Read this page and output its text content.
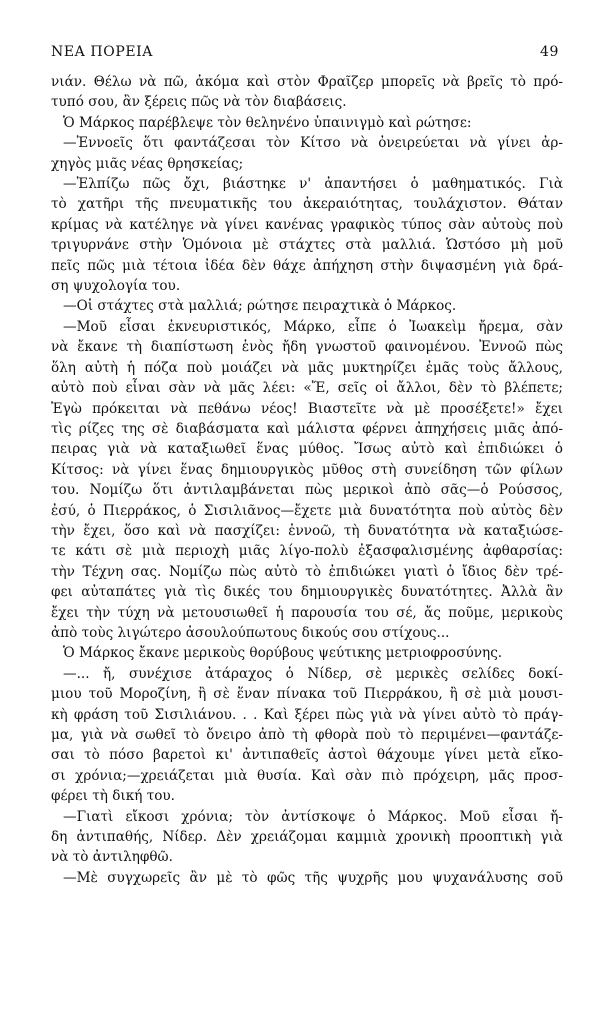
ΝΕΑ ΠΟΡΕΙΑ	49
νιάν. Θέλω νὰ πῶ, ἀκόμα καὶ στὸν Φραῖζερ μπορεῖς νὰ βρεῖς τὸ πρό-
τυπό σου, ἂν ξέρεις πῶς νὰ τὸν διαβάσεις.
Ὁ Μάρκος παρέβλεψε τὸν θεληνένο ὑπαινιγμὸ καὶ ρώτησε:
—Ἐννοεῖς ὅτι φαντάζεσαι τὸν Κίτσο νὰ ὀνειρεύεται νὰ γίνει ἀρ-
χηγὸς μιᾶς νέας θρησκείας;
—Ἐλπίζω πῶς ὄχι, βιάστηκε ν' ἀπαντήσει ὁ μαθηματικός. Γιὰ
τὸ χατῆρι τῆς πνευματικῆς του ἀκεραιότητας, τουλάχιστον. Θάταν
κρίμας νὰ κατέληγε νὰ γίνει κανένας γραφικὸς τύπος σὰν αὐτοὺς ποὺ
τριγυρνάνε στὴν Ὁμόνοια μὲ στάχτες στὰ μαλλιά. Ὡστόσο μὴ μοῦ
πεῖς πῶς μιὰ τέτοια ἰδέα δὲν θάχε ἀπήχηση στὴν διψασμένη γιὰ δρά-
ση ψυχολογία του.
—Οἱ στάχτες στὰ μαλλιά; ρώτησε πειραχτικὰ ὁ Μάρκος.
—Μοῦ εἶσαι ἐκνευριστικός, Μάρκο, εἶπε ὁ Ἰωακεὶμ ἤρεμα, σὰν
νὰ ἔκανε τὴ διαπίστωση ἑνὸς ἤδη γνωστοῦ φαινομένου. Ἐννοῶ πὼς
ὅλη αὐτὴ ἡ πόζα ποὺ μοιάζει νὰ μᾶς μυκτηρίζει ἐμᾶς τοὺς ἄλλους,
αὐτὸ ποὺ εἶναι σὰν νὰ μᾶς λέει: «Ἔ, σεῖς οἱ ἄλλοι, δὲν τὸ βλέπετε;
Ἐγὼ πρόκειται νὰ πεθάνω νέος! Βιαστεῖτε νὰ μὲ προσέξετε!» ἔχει
τὶς ρίζες της σὲ διαβάσματα καὶ μάλιστα φέρνει ἀπηχήσεις μιᾶς ἀπό-
πειρας γιὰ νὰ καταξιωθεῖ ἕνας μύθος. Ἴσως αὐτὸ καὶ ἐπιδιώκει ὁ
Κίτσος: νὰ γίνει ἕνας δημιουργικὸς μῦθος στὴ συνείδηση τῶν φίλων
του. Νομίζω ὅτι ἀντιλαμβάνεται πὼς μερικοὶ ἀπὸ σᾶς—ὁ Ρούσσος,
ἐσύ, ὁ Πιερράκος, ὁ Σισιλιᾶνος—ἔχετε μιὰ δυνατότητα ποὺ αὐτὸς δὲν
τὴν ἔχει, ὅσο καὶ νὰ πασχίζει: ἐννοῶ, τὴ δυνατότητα νὰ καταξιώσε-
τε κάτι σὲ μιὰ περιοχὴ μιᾶς λίγο-πολὺ ἐξασφαλισμένης ἀφθαρσίας:
τὴν Τέχνη σας. Νομίζω πὼς αὐτὸ τὸ ἐπιδιώκει γιατὶ ὁ ἴδιος δὲν τρέ-
φει αὐταπάτες γιὰ τὶς δικές του δημιουργικὲς δυνατότητες. Ἀλλὰ ἂν
ἔχει τὴν τύχη νὰ μετουσιωθεῖ ἡ παρουσία του σέ, ἄς ποῦμε, μερικοὺς
ἀπὸ τοὺς λιγώτερο ἀσουλούπωτους δικούς σου στίχους...
Ὁ Μάρκος ἔκανε μερικοὺς θορύβους ψεύτικης μετριοφροσύνης.
—... ἤ, συνέχισε ἀτάραχος ὁ Νίδερ, σὲ μερικὲς σελίδες δοκί-
μιου τοῦ Μοροζίνη, ἢ σὲ ἕναν πίνακα τοῦ Πιερράκου, ἢ σὲ μιὰ μουσι-
κὴ φράση τοῦ Σισιλιάνου. . . Καὶ ξέρει πὼς γιὰ νὰ γίνει αὐτὸ τὸ πράγ-
μα, γιὰ νὰ σωθεῖ τὸ ὄνειρο ἀπὸ τὴ φθορὰ ποὺ τὸ περιμένει—φαντάζε-
σαι τὸ πόσο βαρετοὶ κι' ἀντιπαθεῖς ἀστοὶ θάχουμε γίνει μετὰ εἴκο-
σι χρόνια;—χρειάζεται μιὰ θυσία. Καὶ σὰν πιὸ πρόχειρη, μᾶς προσ-
φέρει τὴ δική του.
—Γιατὶ εἴκοσι χρόνια; τὸν ἀντίσκοψε ὁ Μάρκος. Μοῦ εἶσαι ἤ-
δη ἀντιπαθής, Νίδερ. Δὲν χρειάζομαι καμμιὰ χρονικὴ προοπτικὴ γιὰ
νὰ τὸ ἀντιληφθῶ.
—Μὲ συγχωρεῖς ἂν μὲ τὸ φῶς τῆς ψυχρῆς μου ψυχανάλυσης σοῦ
